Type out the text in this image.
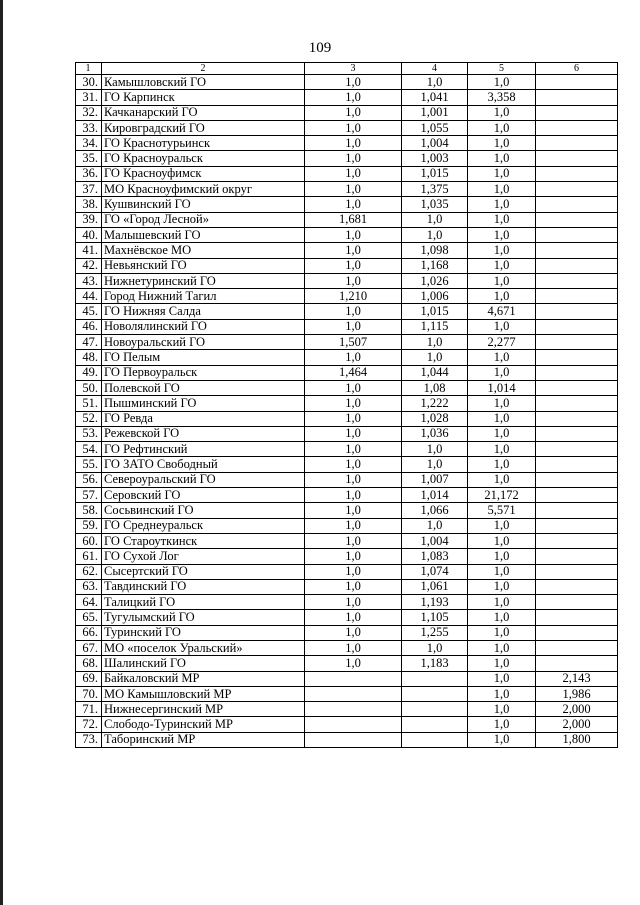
109
1	2	3	4	5	6
30.	Камышловский ГО	1,0	1,0	1,0	
31.	ГО Карпинск	1,0	1,041	3,358	
32.	Качканарский ГО	1,0	1,001	1,0	
33.	Кировградский ГО	1,0	1,055	1,0	
34.	ГО Краснотурьинск	1,0	1,004	1,0	
35.	ГО Красноуральск	1,0	1,003	1,0	
36.	ГО Красноуфимск	1,0	1,015	1,0	
37.	МО Красноуфимский округ	1,0	1,375	1,0	
38.	Кушвинский ГО	1,0	1,035	1,0	
39.	ГО «Город Лесной»	1,681	1,0	1,0	
40.	Малышевский ГО	1,0	1,0	1,0	
41.	Махнёвское МО	1,0	1,098	1,0	
42.	Невьянский ГО	1,0	1,168	1,0	
43.	Нижнетуринский ГО	1,0	1,026	1,0	
44.	Город Нижний Тагил	1,210	1,006	1,0	
45.	ГО Нижняя Салда	1,0	1,015	4,671	
46.	Новолялинский ГО	1,0	1,115	1,0	
47.	Новоуральский ГО	1,507	1,0	2,277	
48.	ГО Пелым	1,0	1,0	1,0	
49.	ГО Первоуральск	1,464	1,044	1,0	
50.	Полевской ГО	1,0	1,08	1,014	
51.	Пышминский ГО	1,0	1,222	1,0	
52.	ГО Ревда	1,0	1,028	1,0	
53.	Режевской ГО	1,0	1,036	1,0	
54.	ГО Рефтинский	1,0	1,0	1,0	
55.	ГО ЗАТО Свободный	1,0	1,0	1,0	
56.	Североуральский ГО	1,0	1,007	1,0	
57.	Серовский ГО	1,0	1,014	21,172	
58.	Сосьвинский ГО	1,0	1,066	5,571	
59.	ГО Среднеуральск	1,0	1,0	1,0	
60.	ГО Староуткинск	1,0	1,004	1,0	
61.	ГО Сухой Лог	1,0	1,083	1,0	
62.	Сысертский ГО	1,0	1,074	1,0	
63.	Тавдинский ГО	1,0	1,061	1,0	
64.	Талицкий ГО	1,0	1,193	1,0	
65.	Тугулымский ГО	1,0	1,105	1,0	
66.	Туринский ГО	1,0	1,255	1,0	
67.	МО «поселок Уральский»	1,0	1,0	1,0	
68.	Шалинский ГО	1,0	1,183	1,0	
69.	Байкаловский МР			1,0	2,143
70.	МО Камышловский МР			1,0	1,986
71.	Нижнесергинский МР			1,0	2,000
72.	Слободо-Туринский МР			1,0	2,000
73.	Таборинский МР			1,0	1,800
